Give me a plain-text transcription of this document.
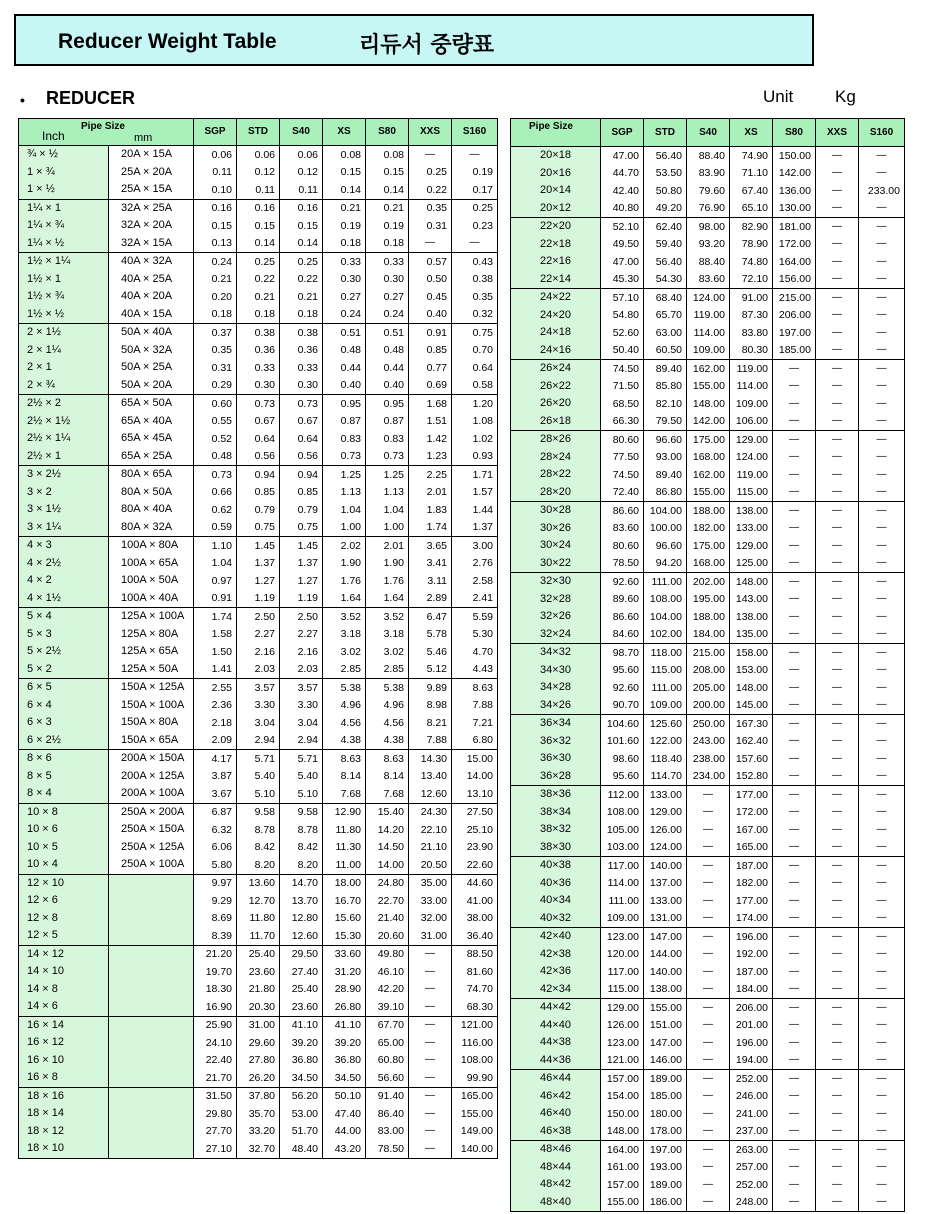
Reducer Weight Table	리듀서 중량표
• REDUCER	Unit Kg
Pipe Size
Inch mm		SGP	STD	S40	XS	S80	XXS	S160
¾ × ½	20A × 15A	0.06	0.06	0.06	0.08	0.08	—	—
1 × ¾	25A × 20A	0.11	0.12	0.12	0.15	0.15	0.25	0.19
1 × ½	25A × 15A	0.10	0.11	0.11	0.14	0.14	0.22	0.17
1¼ × 1	32A × 25A	0.16	0.16	0.16	0.21	0.21	0.35	0.25
1¼ × ¾	32A × 20A	0.15	0.15	0.15	0.19	0.19	0.31	0.23
1¼ × ½	32A × 15A	0.13	0.14	0.14	0.18	0.18	—	—
1½ × 1¼	40A × 32A	0.24	0.25	0.25	0.33	0.33	0.57	0.43
1½ × 1	40A × 25A	0.21	0.22	0.22	0.30	0.30	0.50	0.38
1½ × ¾	40A × 20A	0.20	0.21	0.21	0.27	0.27	0.45	0.35
1½ × ½	40A × 15A	0.18	0.18	0.18	0.24	0.24	0.40	0.32
2 × 1½	50A × 40A	0.37	0.38	0.38	0.51	0.51	0.91	0.75
2 × 1¼	50A × 32A	0.35	0.36	0.36	0.48	0.48	0.85	0.70
2 × 1	50A × 25A	0.31	0.33	0.33	0.44	0.44	0.77	0.64
2 × ¾	50A × 20A	0.29	0.30	0.30	0.40	0.40	0.69	0.58
2½ × 2	65A × 50A	0.60	0.73	0.73	0.95	0.95	1.68	1.20
2½ × 1½	65A × 40A	0.55	0.67	0.67	0.87	0.87	1.51	1.08
2½ × 1¼	65A × 45A	0.52	0.64	0.64	0.83	0.83	1.42	1.02
2½ × 1	65A × 25A	0.48	0.56	0.56	0.73	0.73	1.23	0.93
3 × 2½	80A × 65A	0.73	0.94	0.94	1.25	1.25	2.25	1.71
3 × 2	80A × 50A	0.66	0.85	0.85	1.13	1.13	2.01	1.57
3 × 1½	80A × 40A	0.62	0.79	0.79	1.04	1.04	1.83	1.44
3 × 1¼	80A × 32A	0.59	0.75	0.75	1.00	1.00	1.74	1.37
4 × 3	100A × 80A	1.10	1.45	1.45	2.02	2.01	3.65	3.00
4 × 2½	100A × 65A	1.04	1.37	1.37	1.90	1.90	3.41	2.76
4 × 2	100A × 50A	0.97	1.27	1.27	1.76	1.76	3.11	2.58
4 × 1½	100A × 40A	0.91	1.19	1.19	1.64	1.64	2.89	2.41
5 × 4	125A × 100A	1.74	2.50	2.50	3.52	3.52	6.47	5.59
5 × 3	125A × 80A	1.58	2.27	2.27	3.18	3.18	5.78	5.30
5 × 2½	125A × 65A	1.50	2.16	2.16	3.02	3.02	5.46	4.70
5 × 2	125A × 50A	1.41	2.03	2.03	2.85	2.85	5.12	4.43
6 × 5	150A × 125A	2.55	3.57	3.57	5.38	5.38	9.89	8.63
6 × 4	150A × 100A	2.36	3.30	3.30	4.96	4.96	8.98	7.88
6 × 3	150A × 80A	2.18	3.04	3.04	4.56	4.56	8.21	7.21
6 × 2½	150A × 65A	2.09	2.94	2.94	4.38	4.38	7.88	6.80
8 × 6	200A × 150A	4.17	5.71	5.71	8.63	8.63	14.30	15.00
8 × 5	200A × 125A	3.87	5.40	5.40	8.14	8.14	13.40	14.00
8 × 4	200A × 100A	3.67	5.10	5.10	7.68	7.68	12.60	13.10
10 × 8	250A × 200A	6.87	9.58	9.58	12.90	15.40	24.30	27.50
10 × 6	250A × 150A	6.32	8.78	8.78	11.80	14.20	22.10	25.10
10 × 5	250A × 125A	6.06	8.42	8.42	11.30	14.50	21.10	23.90
10 × 4	250A × 100A	5.80	8.20	8.20	11.00	14.00	20.50	22.60
12 × 10		9.97	13.60	14.70	18.00	24.80	35.00	44.60
12 × 6		9.29	12.70	13.70	16.70	22.70	33.00	41.00
12 × 8		8.69	11.80	12.80	15.60	21.40	32.00	38.00
12 × 5		8.39	11.70	12.60	15.30	20.60	31.00	36.40
14 × 12		21.20	25.40	29.50	33.60	49.80	—	88.50
14 × 10		19.70	23.60	27.40	31.20	46.10	—	81.60
14 × 8		18.30	21.80	25.40	28.90	42.20	—	74.70
14 × 6		16.90	20.30	23.60	26.80	39.10	—	68.30
16 × 14		25.90	31.00	41.10	41.10	67.70	—	121.00
16 × 12		24.10	29.60	39.20	39.20	65.00	—	116.00
16 × 10		22.40	27.80	36.80	36.80	60.80	—	108.00
16 × 8		21.70	26.20	34.50	34.50	56.60	—	99.90
18 × 16		31.50	37.80	56.20	50.10	91.40	—	165.00
18 × 14		29.80	35.70	53.00	47.40	86.40	—	155.00
18 × 12		27.70	33.20	51.70	44.00	83.00	—	149.00
18 × 10		27.10	32.70	48.40	43.20	78.50	—	140.00
Pipe Size	SGP	STD	S40	XS	S80	XXS	S160
20×18	47.00	56.40	88.40	74.90	150.00	—	—
20×16	44.70	53.50	83.90	71.10	142.00	—	—
20×14	42.40	50.80	79.60	67.40	136.00	—	233.00
20×12	40.80	49.20	76.90	65.10	130.00	—	—
22×20	52.10	62.40	98.00	82.90	181.00	—	—
22×18	49.50	59.40	93.20	78.90	172.00	—	—
22×16	47.00	56.40	88.40	74.80	164.00	—	—
22×14	45.30	54.30	83.60	72.10	156.00	—	—
24×22	57.10	68.40	124.00	91.00	215.00	—	—
24×20	54.80	65.70	119.00	87.30	206.00	—	—
24×18	52.60	63.00	114.00	83.80	197.00	—	—
24×16	50.40	60.50	109.00	80.30	185.00	—	—
26×24	74.50	89.40	162.00	119.00	—	—	—
26×22	71.50	85.80	155.00	114.00	—	—	—
26×20	68.50	82.10	148.00	109.00	—	—	—
26×18	66.30	79.50	142.00	106.00	—	—	—
28×26	80.60	96.60	175.00	129.00	—	—	—
28×24	77.50	93.00	168.00	124.00	—	—	—
28×22	74.50	89.40	162.00	119.00	—	—	—
28×20	72.40	86.80	155.00	115.00	—	—	—
30×28	86.60	104.00	188.00	138.00	—	—	—
30×26	83.60	100.00	182.00	133.00	—	—	—
30×24	80.60	96.60	175.00	129.00	—	—	—
30×22	78.50	94.20	168.00	125.00	—	—	—
32×30	92.60	111.00	202.00	148.00	—	—	—
32×28	89.60	108.00	195.00	143.00	—	—	—
32×26	86.60	104.00	188.00	138.00	—	—	—
32×24	84.60	102.00	184.00	135.00	—	—	—
34×32	98.70	118.00	215.00	158.00	—	—	—
34×30	95.60	115.00	208.00	153.00	—	—	—
34×28	92.60	111.00	205.00	148.00	—	—	—
34×26	90.70	109.00	200.00	145.00	—	—	—
36×34	104.60	125.60	250.00	167.30	—	—	—
36×32	101.60	122.00	243.00	162.40	—	—	—
36×30	98.60	118.40	238.00	157.60	—	—	—
36×28	95.60	114.70	234.00	152.80	—	—	—
38×36	112.00	133.00	—	177.00	—	—	—
38×34	108.00	129.00	—	172.00	—	—	—
38×32	105.00	126.00	—	167.00	—	—	—
38×30	103.00	124.00	—	165.00	—	—	—
40×38	117.00	140.00	—	187.00	—	—	—
40×36	114.00	137.00	—	182.00	—	—	—
40×34	111.00	133.00	—	177.00	—	—	—
40×32	109.00	131.00	—	174.00	—	—	—
42×40	123.00	147.00	—	196.00	—	—	—
42×38	120.00	144.00	—	192.00	—	—	—
42×36	117.00	140.00	—	187.00	—	—	—
42×34	115.00	138.00	—	184.00	—	—	—
44×42	129.00	155.00	—	206.00	—	—	—
44×40	126.00	151.00	—	201.00	—	—	—
44×38	123.00	147.00	—	196.00	—	—	—
44×36	121.00	146.00	—	194.00	—	—	—
46×44	157.00	189.00	—	252.00	—	—	—
46×42	154.00	185.00	—	246.00	—	—	—
46×40	150.00	180.00	—	241.00	—	—	—
46×38	148.00	178.00	—	237.00	—	—	—
48×46	164.00	197.00	—	263.00	—	—	—
48×44	161.00	193.00	—	257.00	—	—	—
48×42	157.00	189.00	—	252.00	—	—	—
48×40	155.00	186.00	—	248.00	—	—	—
